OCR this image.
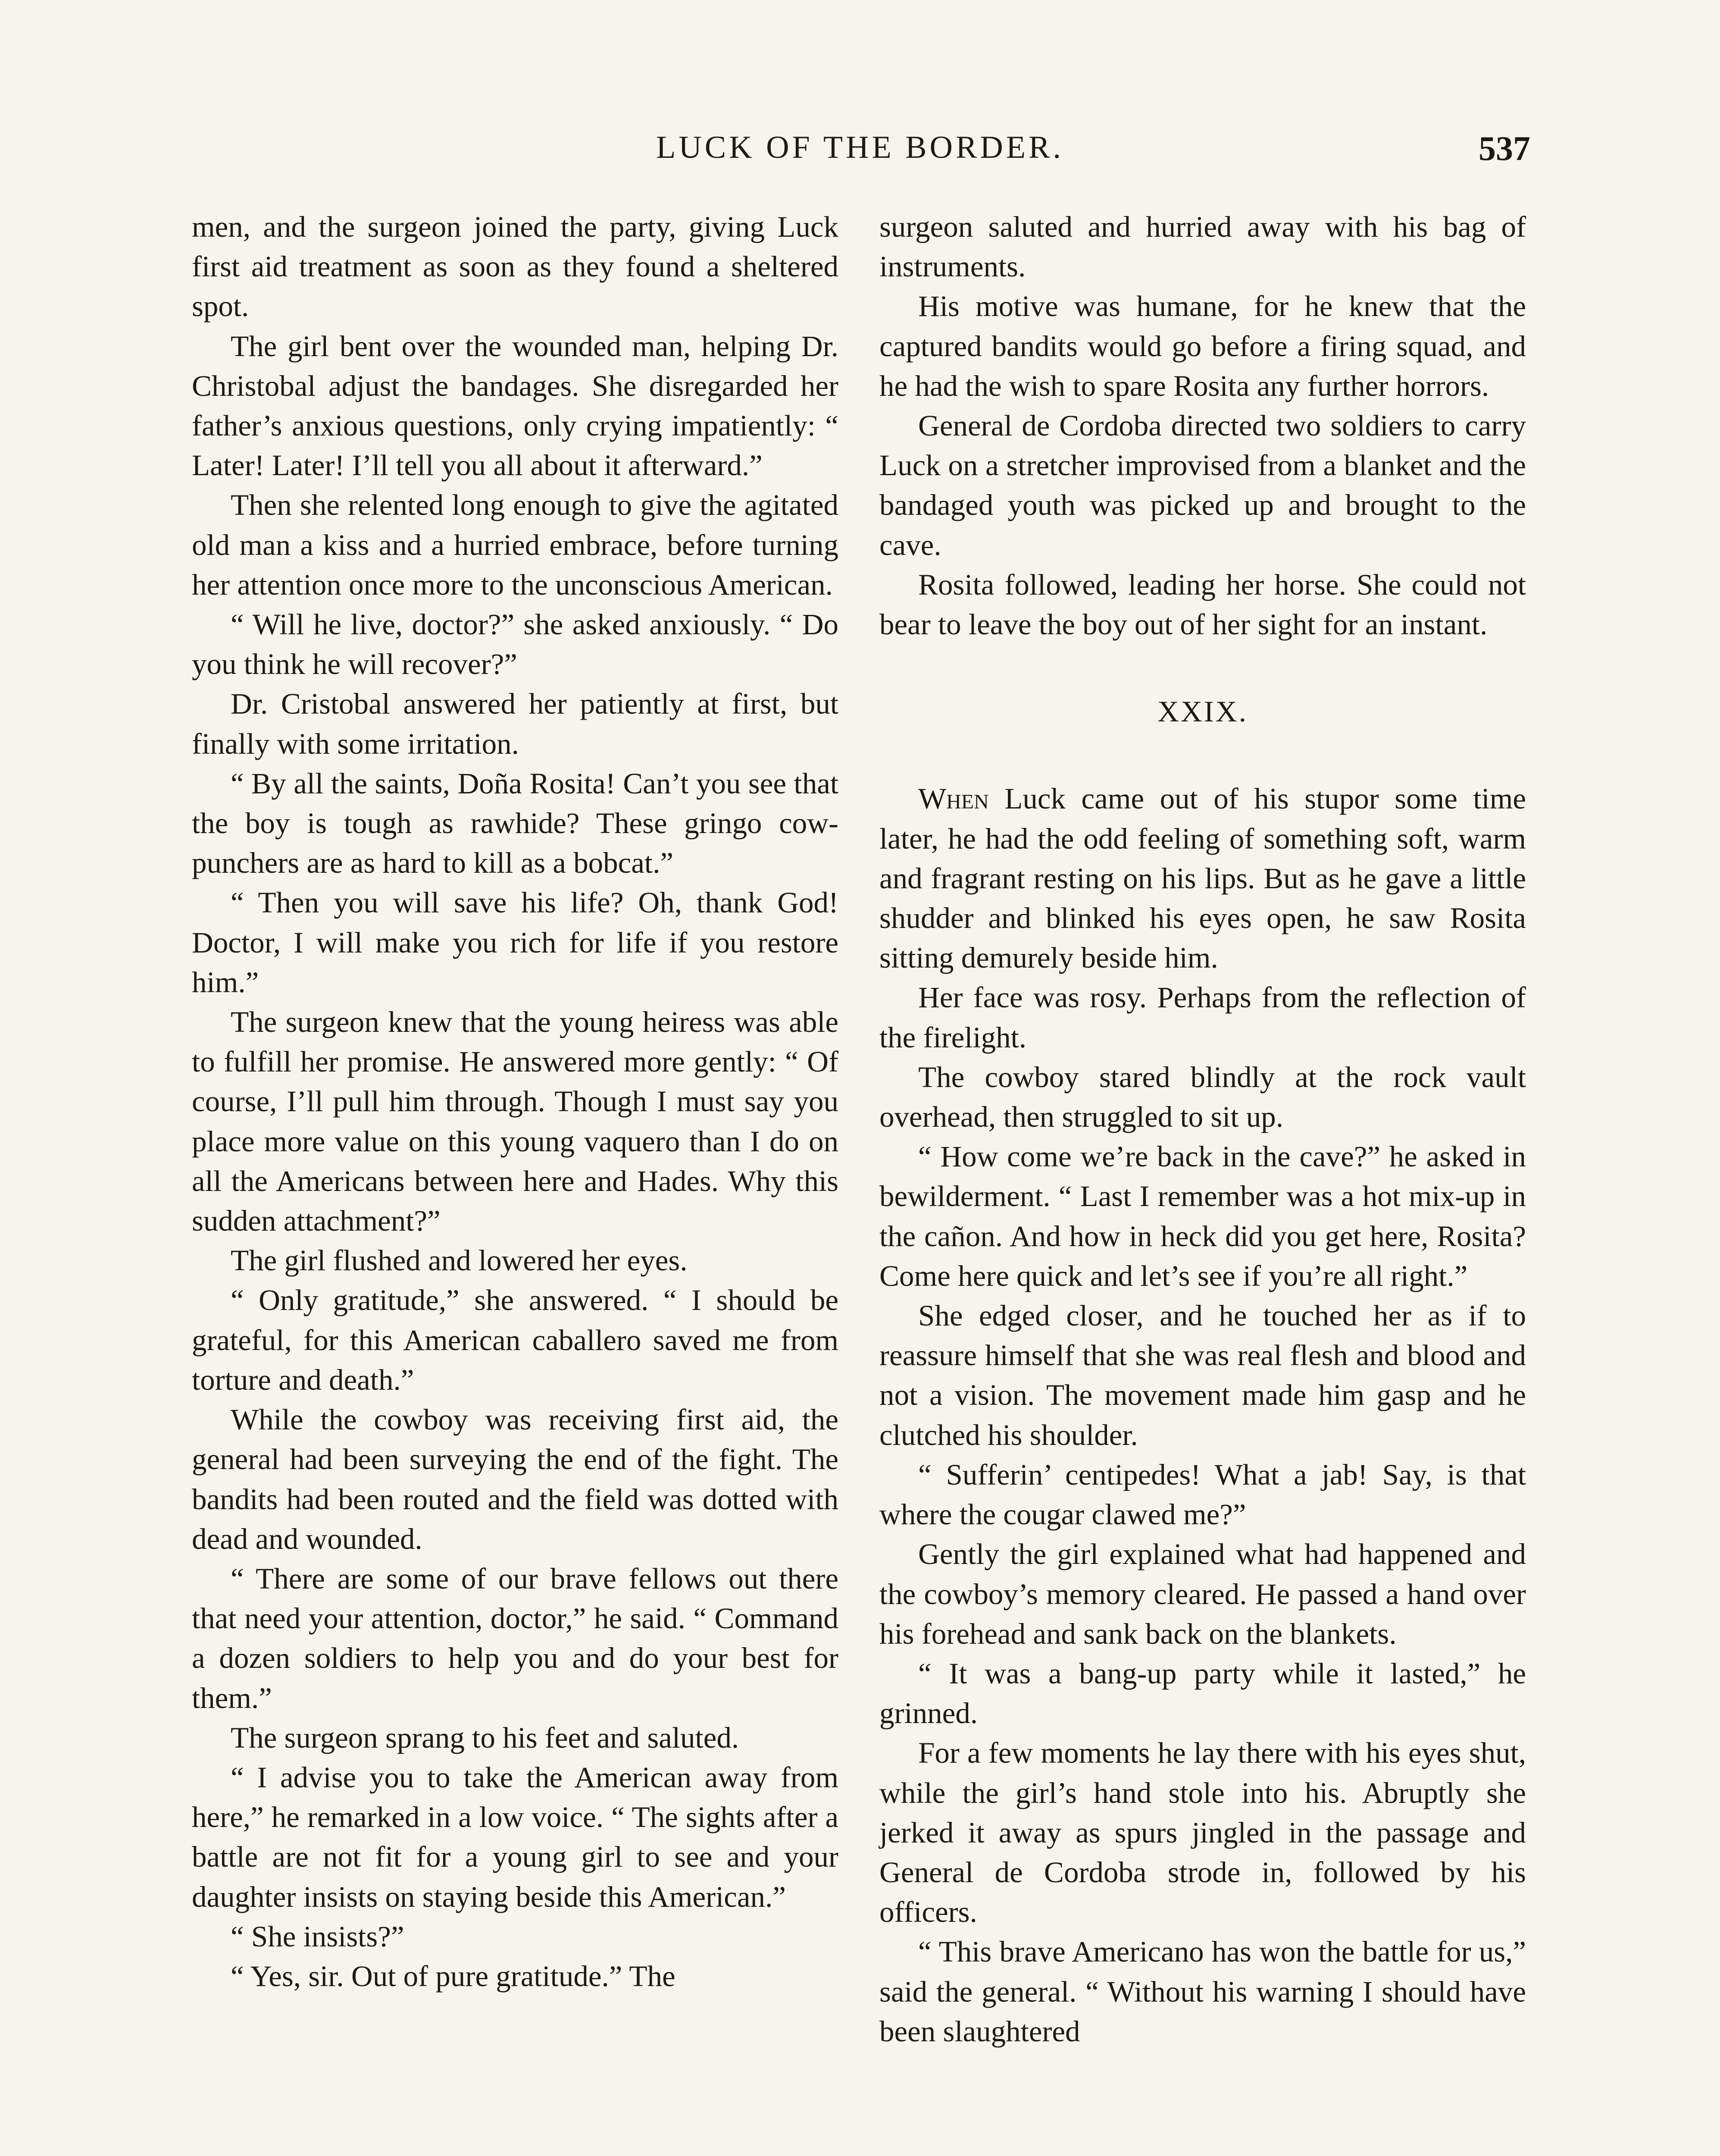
LUCK OF THE BORDER.	537

men, and the surgeon joined the party, giving Luck first aid treatment as soon as they found a sheltered spot.

The girl bent over the wounded man, helping Dr. Christobal adjust the bandages. She disregarded her father’s anxious questions, only crying impatiently: “ Later! Later! I’ll tell you all about it afterward.”

Then she relented long enough to give the agitated old man a kiss and a hurried embrace, before turning her attention once more to the unconscious American.

“ Will he live, doctor?” she asked anxiously. “ Do you think he will recover?”

Dr. Cristobal answered her patiently at first, but finally with some irritation.

“ By all the saints, Doña Rosita! Can’t you see that the boy is tough as rawhide? These gringo cow-punchers are as hard to kill as a bobcat.”

“ Then you will save his life? Oh, thank God! Doctor, I will make you rich for life if you restore him.”

The surgeon knew that the young heiress was able to fulfill her promise. He answered more gently: “ Of course, I’ll pull him through. Though I must say you place more value on this young vaquero than I do on all the Americans between here and Hades. Why this sudden attachment?”

The girl flushed and lowered her eyes.

“ Only gratitude,” she answered. “ I should be grateful, for this American caballero saved me from torture and death.”

While the cowboy was receiving first aid, the general had been surveying the end of the fight. The bandits had been routed and the field was dotted with dead and wounded.

“ There are some of our brave fellows out there that need your attention, doctor,” he said. “ Command a dozen soldiers to help you and do your best for them.”

The surgeon sprang to his feet and saluted.

“ I advise you to take the American away from here,” he remarked in a low voice. “ The sights after a battle are not fit for a young girl to see and your daughter insists on staying beside this American.”

“ She insists?”

“ Yes, sir. Out of pure gratitude.” The

surgeon saluted and hurried away with his bag of instruments.

His motive was humane, for he knew that the captured bandits would go before a firing squad, and he had the wish to spare Rosita any further horrors.

General de Cordoba directed two soldiers to carry Luck on a stretcher improvised from a blanket and the bandaged youth was picked up and brought to the cave.

Rosita followed, leading her horse. She could not bear to leave the boy out of her sight for an instant.

XXIX.

When Luck came out of his stupor some time later, he had the odd feeling of something soft, warm and fragrant resting on his lips. But as he gave a little shudder and blinked his eyes open, he saw Rosita sitting demurely beside him.

Her face was rosy. Perhaps from the reflection of the firelight.

The cowboy stared blindly at the rock vault overhead, then struggled to sit up.

“ How come we’re back in the cave?” he asked in bewilderment. “ Last I remember was a hot mix-up in the cañon. And how in heck did you get here, Rosita? Come here quick and let’s see if you’re all right.”

She edged closer, and he touched her as if to reassure himself that she was real flesh and blood and not a vision. The movement made him gasp and he clutched his shoulder.

“ Sufferin’ centipedes! What a jab! Say, is that where the cougar clawed me?”

Gently the girl explained what had happened and the cowboy’s memory cleared. He passed a hand over his forehead and sank back on the blankets.

“ It was a bang-up party while it lasted,” he grinned.

For a few moments he lay there with his eyes shut, while the girl’s hand stole into his. Abruptly she jerked it away as spurs jingled in the passage and General de Cordoba strode in, followed by his officers.

“ This brave Americano has won the battle for us,” said the general. “ Without his warning I should have been slaughtered
